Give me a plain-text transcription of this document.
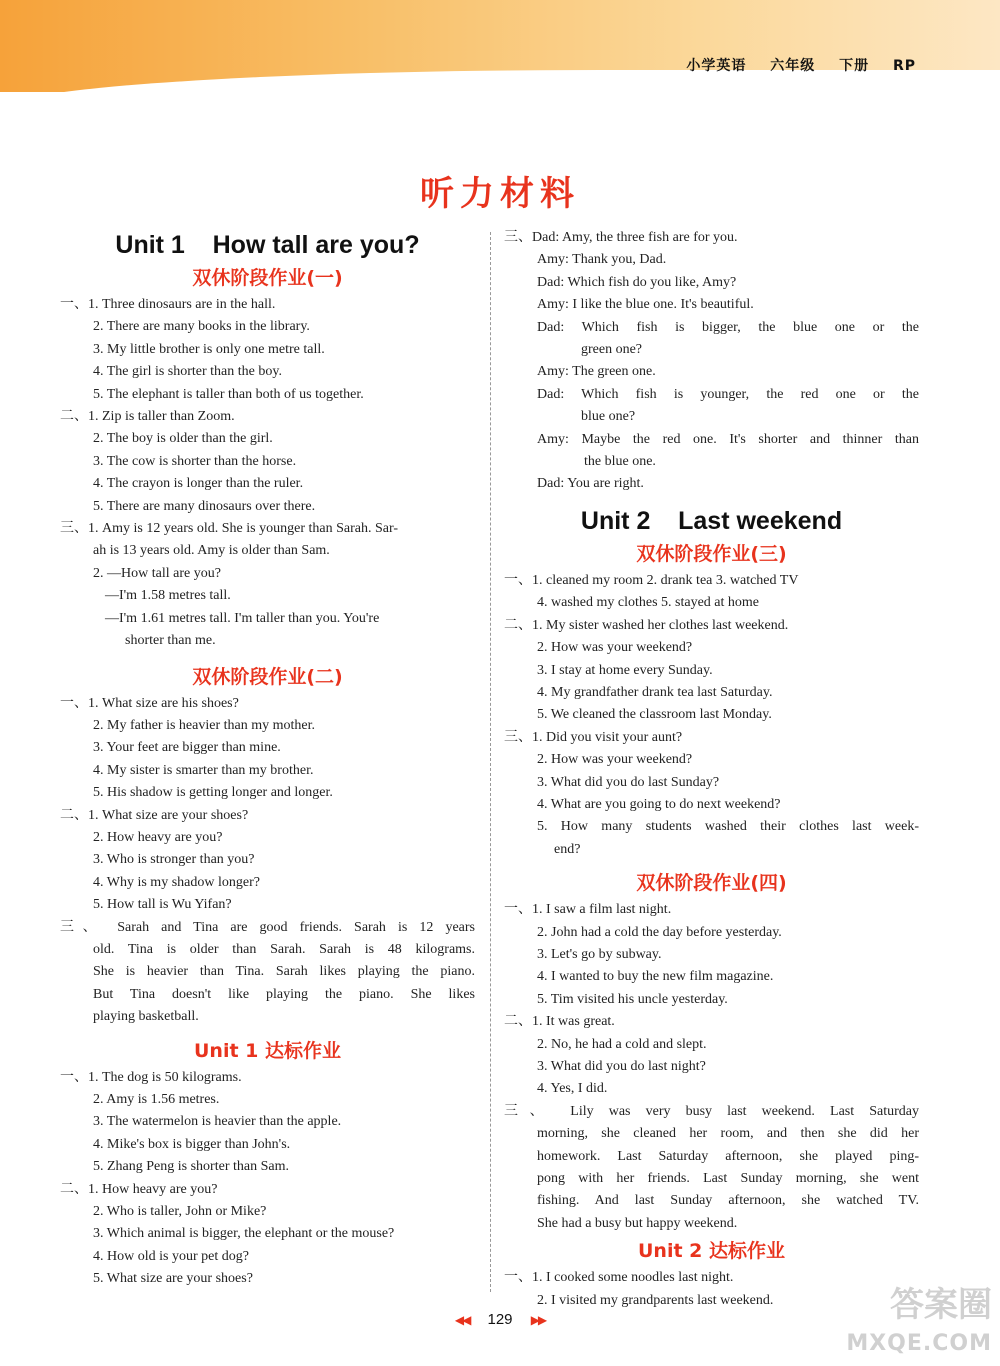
小学英语 六年级 下册 RP
听力材料
Unit 1    How tall are you?
双休阶段作业(一)
一、1. Three dinosaurs are in the hall.
2. There are many books in the library.
3. My little brother is only one metre tall.
4. The girl is shorter than the boy.
5. The elephant is taller than both of us together.
二、1. Zip is taller than Zoom.
2. The boy is older than the girl.
3. The cow is shorter than the horse.
4. The crayon is longer than the ruler.
5. There are many dinosaurs over there.
三、1. Amy is 12 years old. She is younger than Sarah. Sar-
ah is 13 years old. Amy is older than Sam.
2. —How tall are you?
—I'm 1.58 metres tall.
—I'm 1.61 metres tall. I'm taller than you. You're
shorter than me.
双休阶段作业(二)
一、1. What size are his shoes?
2. My father is heavier than my mother.
3. Your feet are bigger than mine.
4. My sister is smarter than my brother.
5. His shadow is getting longer and longer.
二、1. What size are your shoes?
2. How heavy are you?
3. Who is stronger than you?
4. Why is my shadow longer?
5. How tall is Wu Yifan?
三、 Sarah and Tina are good friends. Sarah is 12 years
old. Tina is older than Sarah. Sarah is 48 kilograms.
She is heavier than Tina. Sarah likes playing the piano.
But Tina doesn't like playing the piano. She likes
playing basketball.
Unit 1 达标作业
一、1. The dog is 50 kilograms.
2. Amy is 1.56 metres.
3. The watermelon is heavier than the apple.
4. Mike's box is bigger than John's.
5. Zhang Peng is shorter than Sam.
二、1. How heavy are you?
2. Who is taller, John or Mike?
3. Which animal is bigger, the elephant or the mouse?
4. How old is your pet dog?
5. What size are your shoes?
三、Dad: Amy, the three fish are for you.
Amy: Thank you, Dad.
Dad: Which fish do you like, Amy?
Amy: I like the blue one. It's beautiful.
Dad: Which fish is bigger, the blue one or the
green one?
Amy: The green one.
Dad: Which fish is younger, the red one or the
blue one?
Amy: Maybe the red one. It's shorter and thinner than
the blue one.
Dad: You are right.
Unit 2    Last weekend
双休阶段作业(三)
一、1. cleaned my room 2. drank tea 3. watched TV
4. washed my clothes 5. stayed at home
二、1. My sister washed her clothes last weekend.
2. How was your weekend?
3. I stay at home every Sunday.
4. My grandfather drank tea last Saturday.
5. We cleaned the classroom last Monday.
三、1. Did you visit your aunt?
2. How was your weekend?
3. What did you do last Sunday?
4. What are you going to do next weekend?
5. How many students washed their clothes last week-
end?
双休阶段作业(四)
一、1. I saw a film last night.
2. John had a cold the day before yesterday.
3. Let's go by subway.
4. I wanted to buy the new film magazine.
5. Tim visited his uncle yesterday.
二、1. It was great.
2. No, he had a cold and slept.
3. What did you do last night?
4. Yes, I did.
三、 Lily was very busy last weekend. Last Saturday
morning, she cleaned her room, and then she did her
homework. Last Saturday afternoon, she played ping-
pong with her friends. Last Sunday morning, she went
fishing. And last Sunday afternoon, she watched TV.
She had a busy but happy weekend.
Unit 2 达标作业
一、1. I cooked some noodles last night.
2. I visited my grandparents last weekend.
◀◀ 129 ▶▶	答案圈
MXQE.COM
